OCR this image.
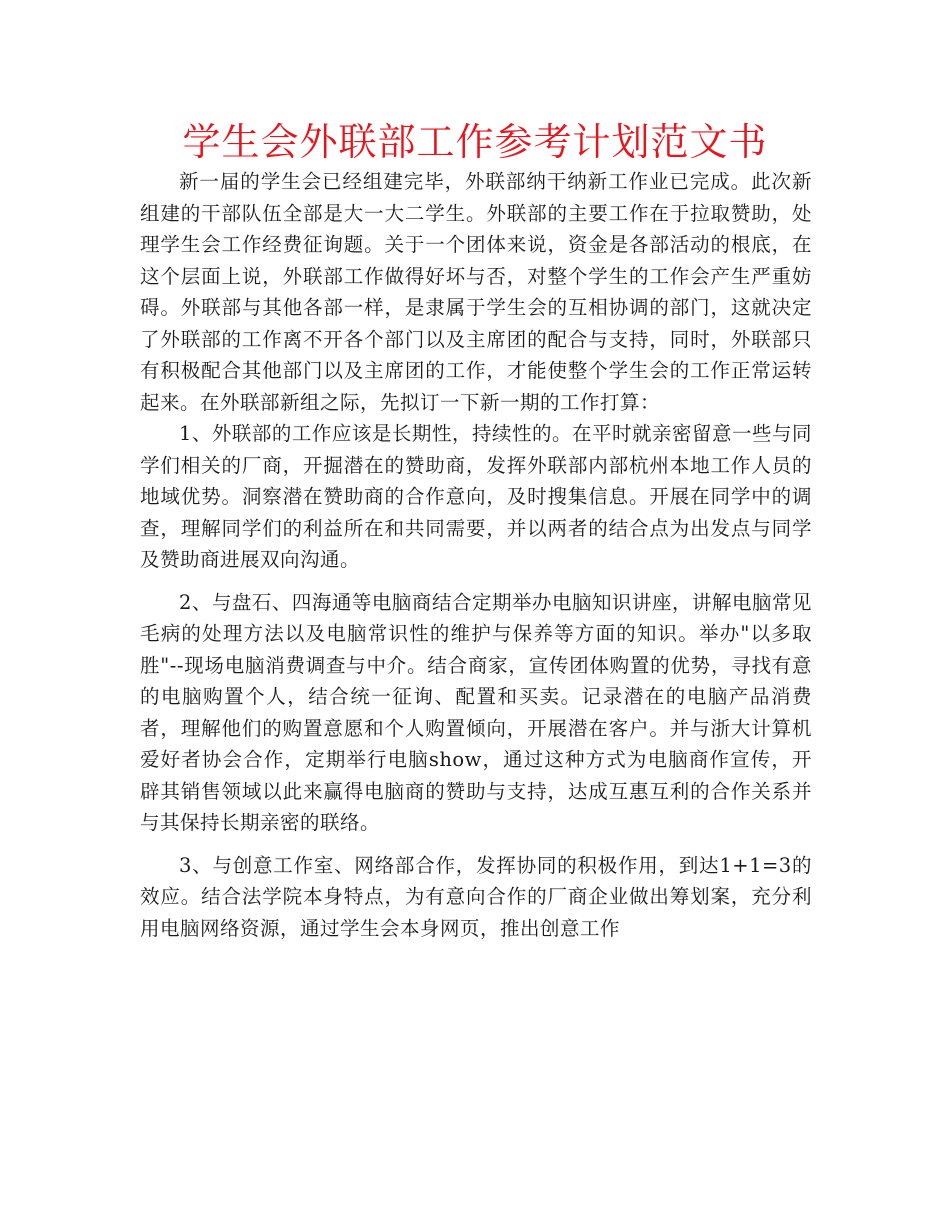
学生会外联部工作参考计划范文书

新一届的学生会已经组建完毕，外联部纳干纳新工作业已完成。此次新组建的干部队伍全部是大一大二学生。外联部的主要工作在于拉取赞助，处理学生会工作经费征询题。关于一个团体来说，资金是各部活动的根底，在这个层面上说，外联部工作做得好坏与否，对整个学生的工作会产生严重妨碍。外联部与其他各部一样，是隶属于学生会的互相协调的部门，这就决定了外联部的工作离不开各个部门以及主席团的配合与支持，同时，外联部只有积极配合其他部门以及主席团的工作，才能使整个学生会的工作正常运转起来。在外联部新组之际，先拟订一下新一期的工作打算：

1、外联部的工作应该是长期性，持续性的。在平时就亲密留意一些与同学们相关的厂商，开掘潜在的赞助商，发挥外联部内部杭州本地工作人员的地域优势。洞察潜在赞助商的合作意向，及时搜集信息。开展在同学中的调查，理解同学们的利益所在和共同需要，并以两者的结合点为出发点与同学及赞助商进展双向沟通。

2、与盘石、四海通等电脑商结合定期举办电脑知识讲座，讲解电脑常见毛病的处理方法以及电脑常识性的维护与保养等方面的知识。举办"以多取胜"--现场电脑消费调查与中介。结合商家，宣传团体购置的优势，寻找有意的电脑购置个人，结合统一征询、配置和买卖。记录潜在的电脑产品消费者，理解他们的购置意愿和个人购置倾向，开展潜在客户。并与浙大计算机爱好者协会合作，定期举行电脑show，通过这种方式为电脑商作宣传，开辟其销售领域以此来赢得电脑商的赞助与支持，达成互惠互利的合作关系并与其保持长期亲密的联络。

3、与创意工作室、网络部合作，发挥协同的积极作用，到达1+1=3的效应。结合法学院本身特点，为有意向合作的厂商企业做出筹划案，充分利用电脑网络资源，通过学生会本身网页，推出创意工作
